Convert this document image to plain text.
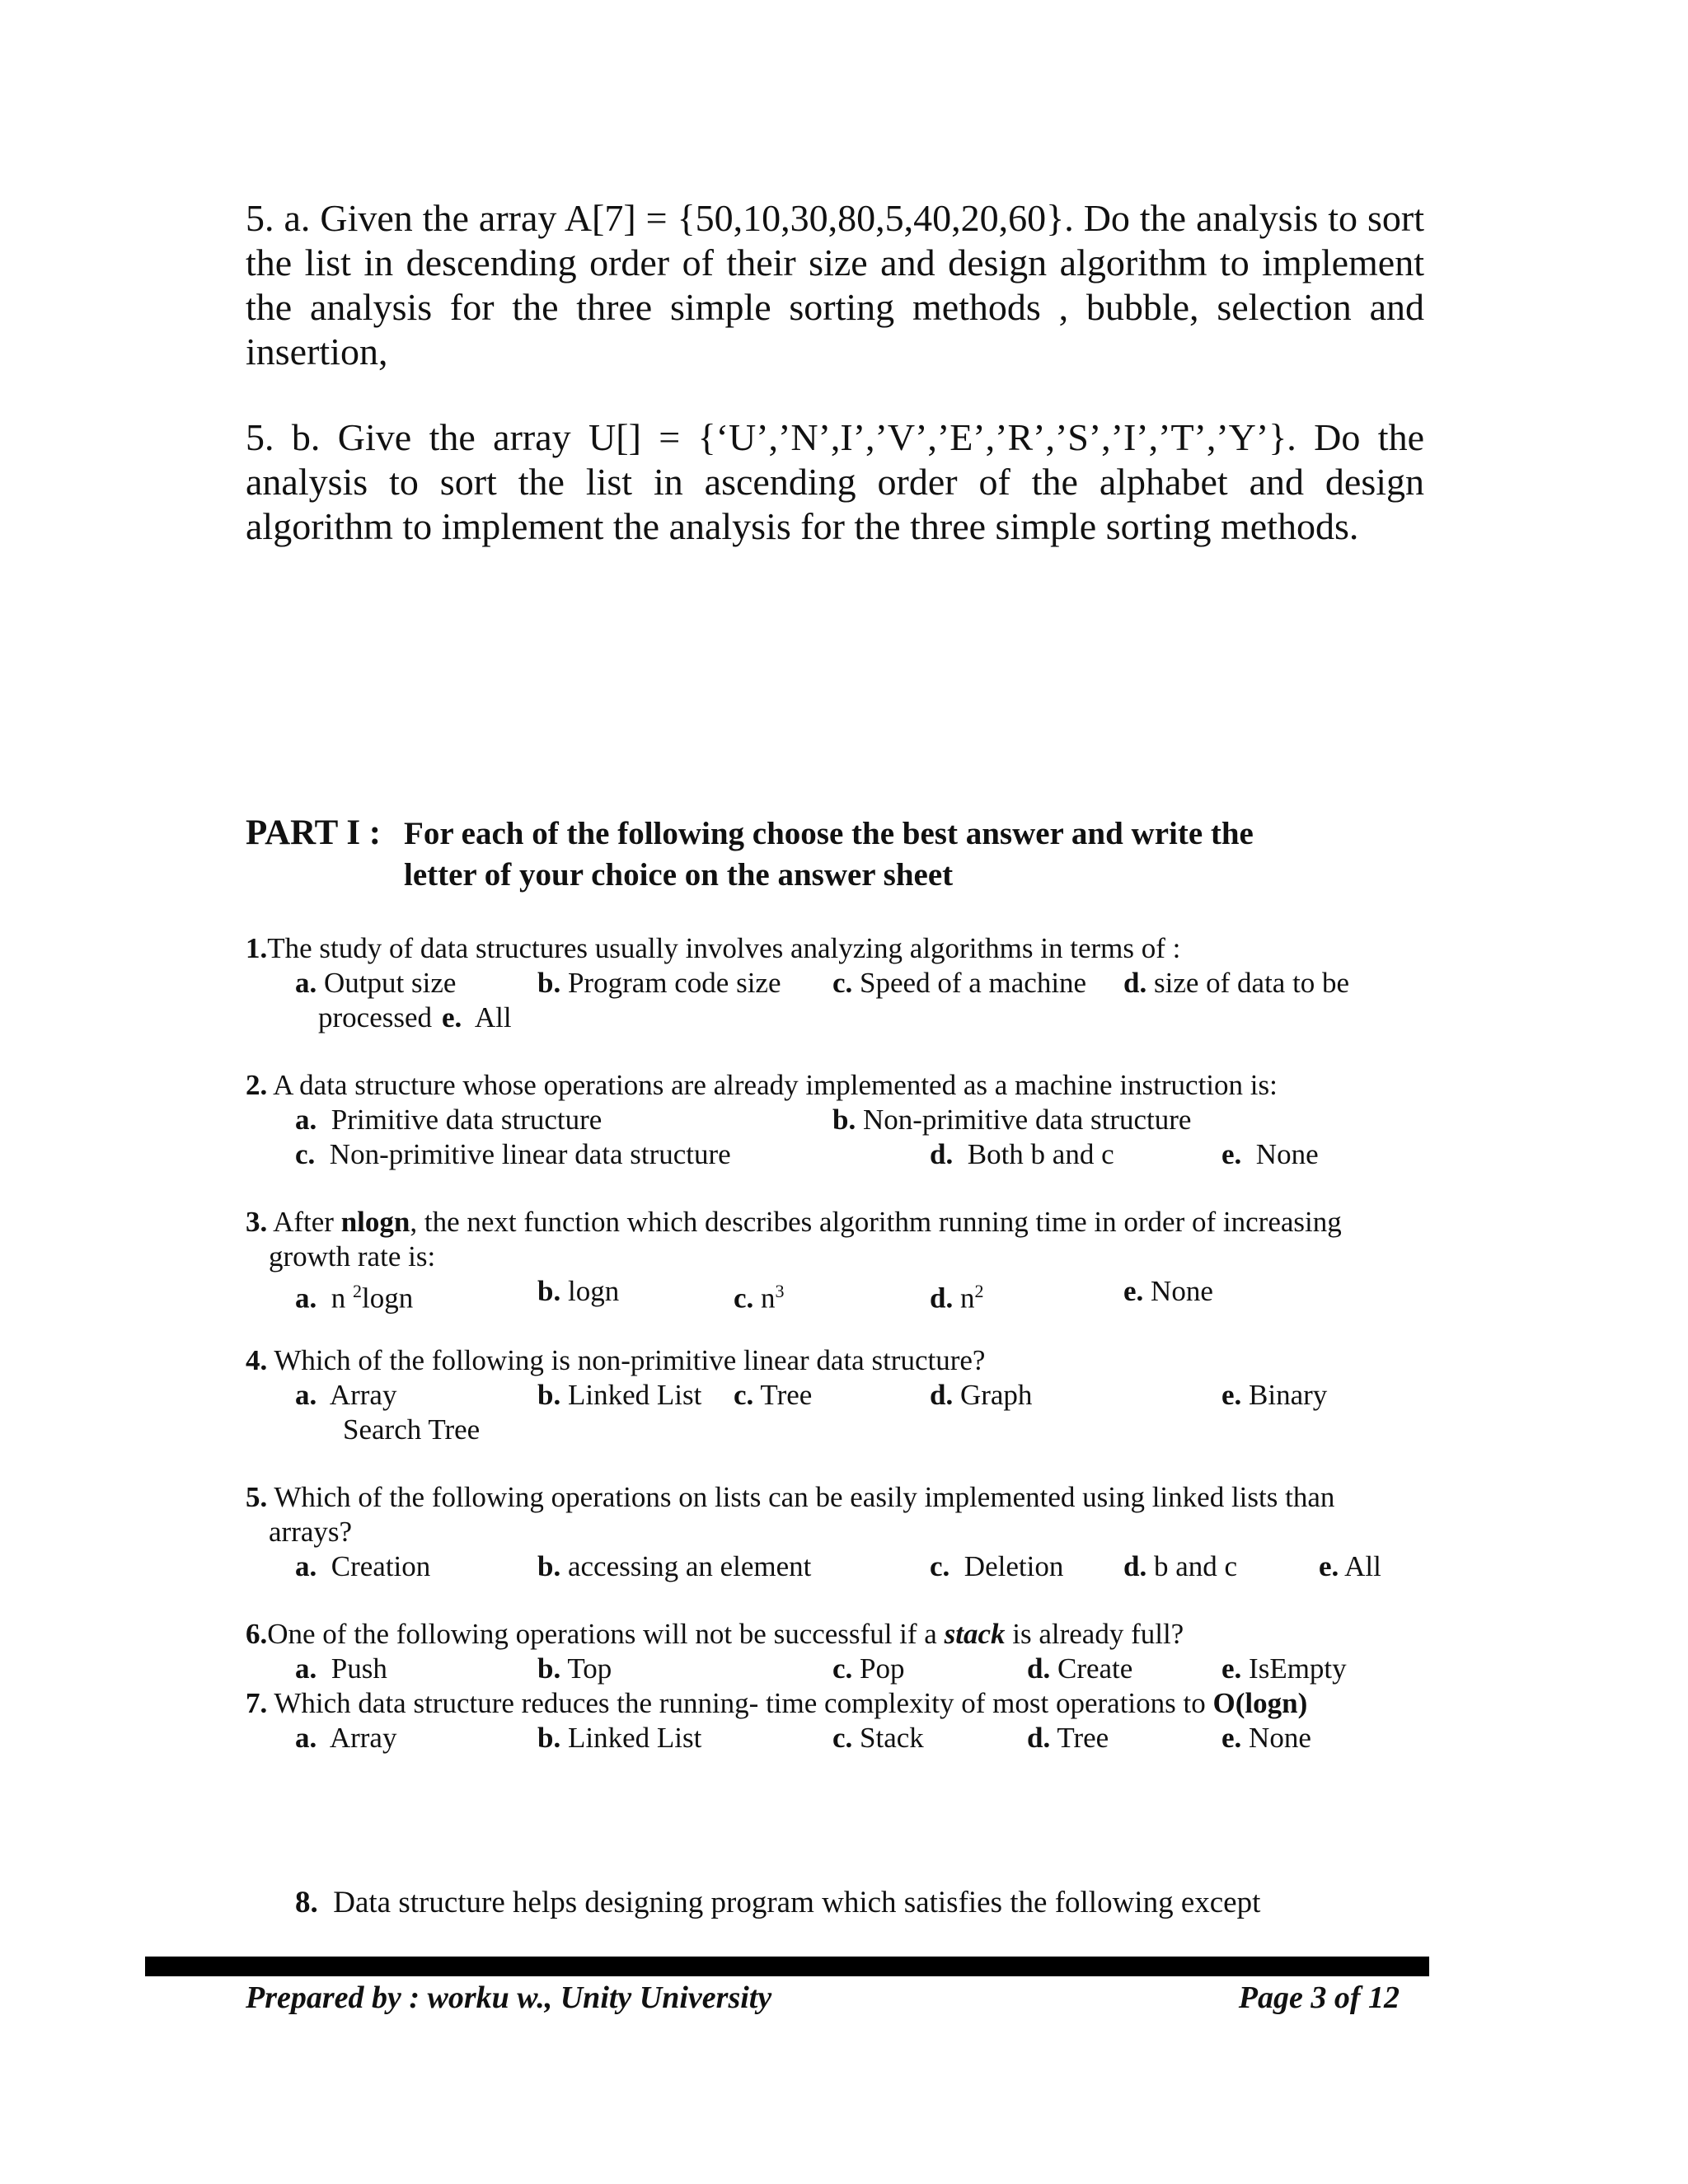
5. a. Given the array A[7] = {50,10,30,80,5,40,20,60}. Do the analysis to sort the list in descending order of their size and design algorithm to implement the analysis for the three simple sorting methods , bubble, selection and insertion,
5. b. Give the array U[] = {‘U’,’N’,I’,’V’,’E’,’R’,’S’,’I’,’T’,’Y’}. Do the analysis to sort the list in ascending order of the alphabet and design algorithm to implement the analysis for the three simple sorting methods.
PART I : For each of the following choose the best answer and write the
letter of your choice on the answer sheet
1.The study of data structures usually involves analyzing algorithms in terms of :
a. Output size	b. Program code size c. Speed of a machine d. size of data to be
processed e. All
2. A data structure whose operations are already implemented as a machine instruction is:
a. Primitive data structure	b. Non-primitive data structure
c. Non-primitive linear data structure	d. Both b and c	e. None
3. After nlogn, the next function which describes algorithm running time in order of increasing
growth rate is:
a. n $^2$logn	b. logn	c. $n^3$	d. $n^2$	e. None
4. Which of the following is non-primitive linear data structure?
a. Array	b. Linked List c. Tree	d. Graph	e. Binary
Search Tree
5. Which of the following operations on lists can be easily implemented using linked lists than
arrays?
a. Creation	b. accessing an element	c. Deletion d. b and c	e. All
6.One of the following operations will not be successful if a stack is already full?
a. Push	b. Top	c. Pop	d. Create	e. IsEmpty
7. Which data structure reduces the running- time complexity of most operations to O(logn)
a. Array	b. Linked List	c. Stack	d. Tree	e. None
8. Data structure helps designing program which satisfies the following except
Prepared by : worku w., Unity University	Page 3 of 12
